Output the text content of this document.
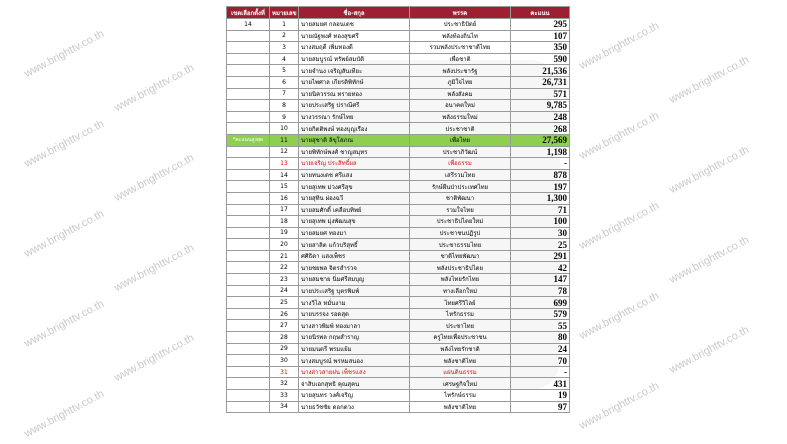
www.brighttv.co.th
www.brighttv.co.th
www.brighttv.co.th
www.brighttv.co.th
www.brighttv.co.th
www.brighttv.co.th
www.brighttv.co.th
www.brighttv.co.th
www.brighttv.co.th
www.brighttv.co.th
www.brighttv.co.th
www.brighttv.co.th
www.brighttv.co.th
www.brighttv.co.th
www.brighttv.co.th
www.brighttv.co.th
www.brighttv.co.th
www.brighttv.co.th
เขตเลือกตั้งที่	หมายเลข	ชื่อ-สกุล	พรรค	คะแนน
14	1	นายสมยศ กลอนเดช	ประชาธิปัตย์	295
	2	นายณัฐพงศ์ ทองสุขศรี	พลังท้องถิ่นไท	107
	3	นางสมฤดี เพิ่มทองดี	รวมพลังประชาชาติไทย	350
	4	นายสมบูรณ์ ทรัพย์สมบัติ	เพื่อชาติ	590
	5	นายจำนง เจริญสันเทียะ	พลังประชารัฐ	21,536
	6	นายไพศาล เกียรติพิทักษ์	ภูมิใจไทย	26,731
	7	นายนิควรรณ ทรายทอง	พลังสังคม	571
	8	นายประเสริฐ ปราณีศรี	อนาคตใหม่	9,785
	9	นางวรรณา รักษ์ไทย	พลังธรรมใหม่	248
	10	นายกิตติพงษ์ ทองบุญเรือง	ประชาชาติ	268
*คะแนนสูงสุด	11	นายสุชาติ ลิขุโสภณ	เพื่อไทย	27,569
	12	นายพิทักษ์พงศ์ ชาญสมุทร	ประชาภิวัฒน์	1,198
	13	นายเจริญ ประสิทธิ์ผล	เพื่อธรรม	-
	14	นายทนงเดช ศรีแสง	เสรีรวมไทย	878
	15	นายสุเทพ ม่วงศรีสุข	รักษ์ผืนป่าประเทศไทย	197
	16	นายสุทิน ผ่องฉวี	ชาติพัฒนา	1,300
	17	นายสมศักดิ์ เคลือบทิพย์	รวมใจไทย	71
	18	นายสุเทพ มุ่งพัฒนสุข	ประชาธิปไตยใหม่	100
	19	นายสมยศ ทองมา	ประชาชนปฏิรูป	30
	20	นายสาลิต แก้วบริสุทธิ์	ประชาธรรมไทย	25
	21	ศศิธิดา แสงเพ็ชร	ชาติไทยพัฒนา	291
	22	นายชยพล จิตรสำรวจ	พลังประชาธิปไตย	42
	23	นายสมชาย นิ่มศรีสมบุญ	พลังไทยรักไทย	147
	24	นายประเสริฐ บุตรพิมพ์	ทางเลือกใหม่	78
	25	นางวิไล หมั่นงาม	ไทยศรีวิไลย์	699
	26	นายบรรจง รอดสุด	ไทรักธรรม	579
	27	นางสาวพิมพ์ ทองมาลา	ประชาไทย	55
	28	นายนิรพล กฤษสำราญ	ครูไทยเพื่อประชาชน	80
	29	นายมนตรี พรมแย้ม	พลังไทยรักชาติ	24
	30	นางสมบูรณ์ พรหมสนอง	พลังชาติไทย	70
	31	นางสาวสายฝน เพ็ชรแสง	แผ่นดินธรรม	-
	32	จ่าสิบเอกสุทธิ คุณสุคน	เศรษฐกิจใหม่	431
	33	นายสุนทร วงศ์เจริญ	ไทรักษ์ธรรม	19
	34	นายธวัชชัย ดอกดวง	พลังชาติไทย	97
